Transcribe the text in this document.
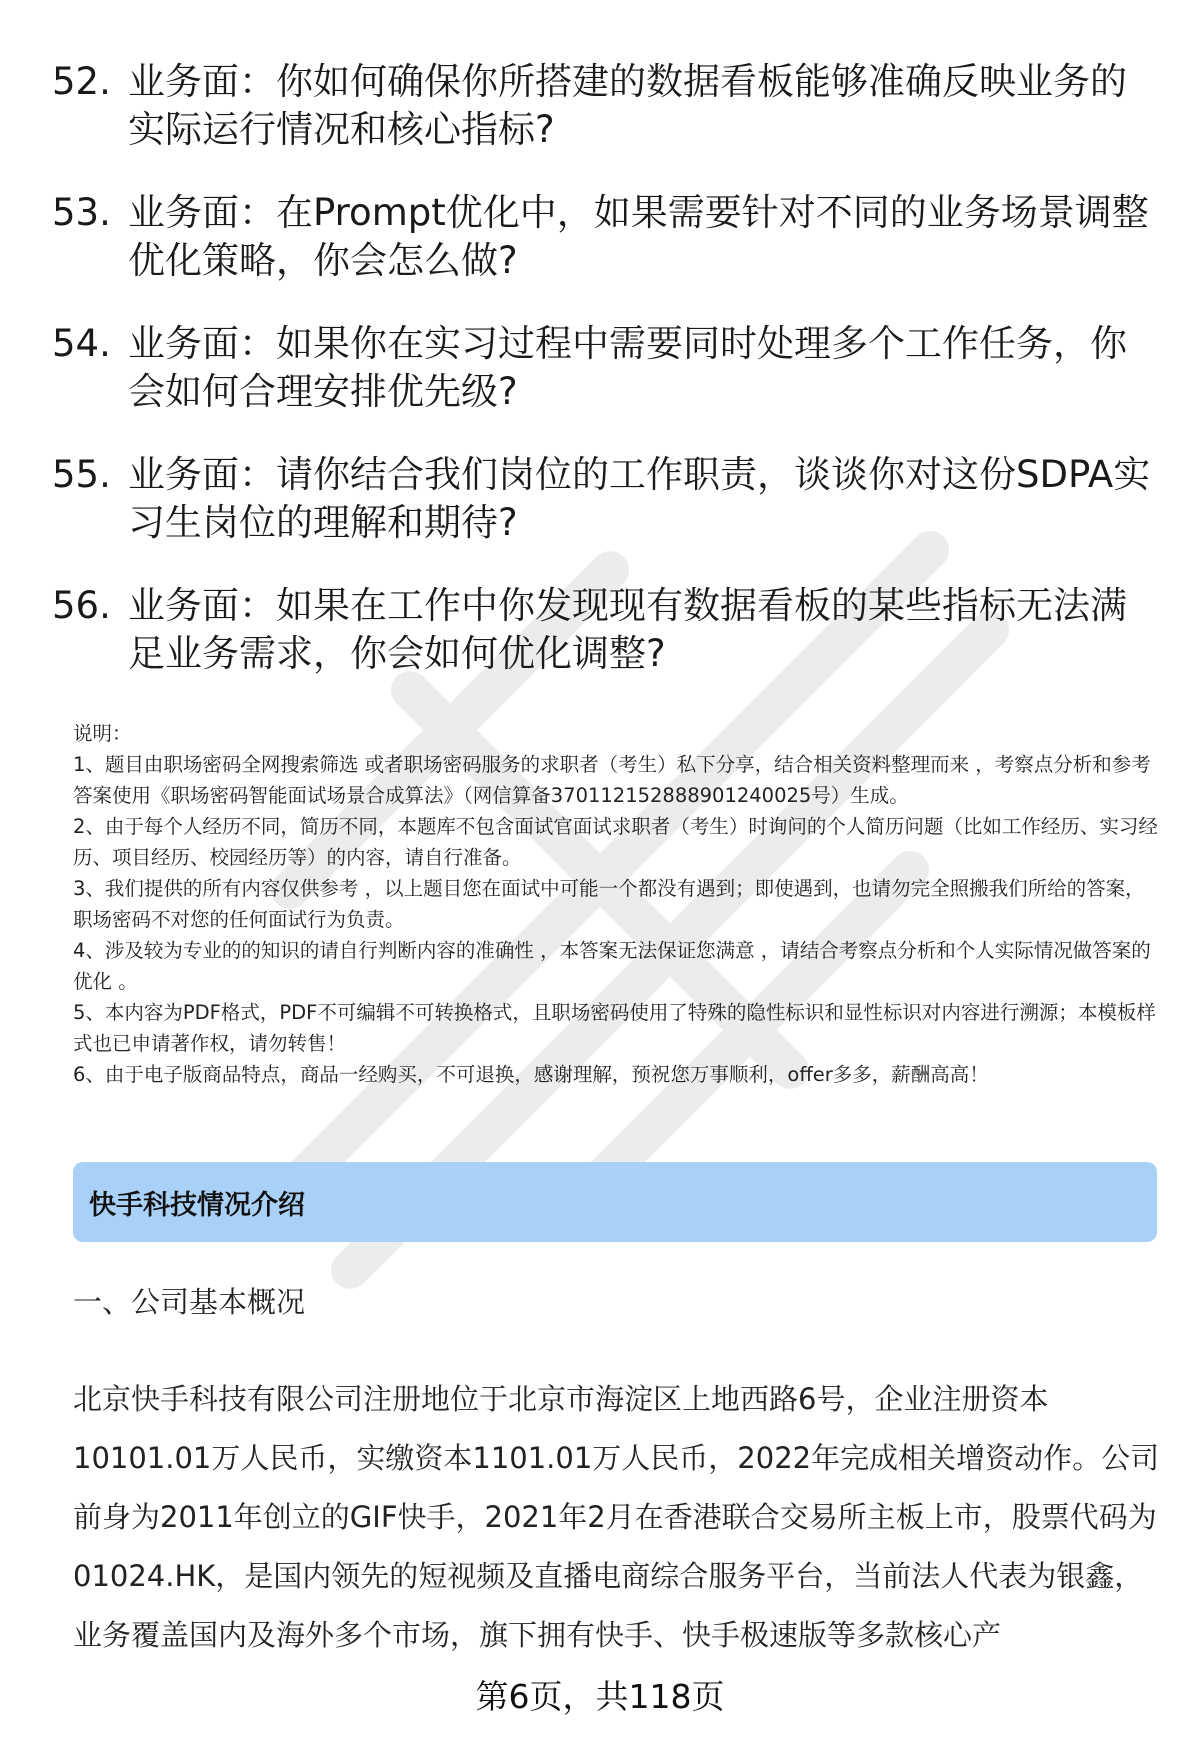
52. 业务面：你如何确保你所搭建的数据看板能够准确反映业务的实际运行情况和核心指标?
53. 业务面：在Prompt优化中，如果需要针对不同的业务场景调整优化策略，你会怎么做?
54. 业务面：如果你在实习过程中需要同时处理多个工作任务，你会如何合理安排优先级?
55. 业务面：请你结合我们岗位的工作职责，谈谈你对这份SDPA实习生岗位的理解和期待?
56. 业务面：如果在工作中你发现现有数据看板的某些指标无法满足业务需求，你会如何优化调整?

说明：

1、题目由职场密码全网搜索筛选 或者职场密码服务的求职者（考生）私下分享，结合相关资料整理而来 ，考察点分析和参考答案使用《职场密码智能面试场景合成算法》（网信算备370112152888901240025号）生成。

2、由于每个人经历不同，简历不同，本题库不包含面试官面试求职者（考生）时询问的个人简历问题（比如工作经历、实习经历、项目经历、校园经历等）的内容，请自行准备。

3、我们提供的所有内容仅供参考 ，以上题目您在面试中可能一个都没有遇到；即使遇到，也请勿完全照搬我们所给的答案，职场密码不对您的任何面试行为负责。

4、涉及较为专业的的知识的请自行判断内容的准确性 ，本答案无法保证您满意 ，请结合考察点分析和个人实际情况做答案的优化 。

5、本内容为PDF格式，PDF不可编辑不可转换格式，且职场密码使用了特殊的隐性标识和显性标识对内容进行溯源；本模板样式也已申请著作权，请勿转售！

6、由于电子版商品特点，商品一经购买，不可退换，感谢理解，预祝您万事顺利，offer多多，薪酬高高！

快手科技情况介绍
一、公司基本概况

北京快手科技有限公司注册地位于北京市海淀区上地西路6号，企业注册资本10101.01万人民币，实缴资本1101.01万人民币，2022年完成相关增资动作。公司前身为2011年创立的GIF快手，2021年2月在香港联合交易所主板上市，股票代码为01024.HK，是国内领先的短视频及直播电商综合服务平台，当前法人代表为银鑫，业务覆盖国内及海外多个市场，旗下拥有快手、快手极速版等多款核心产

第6页，共118页
